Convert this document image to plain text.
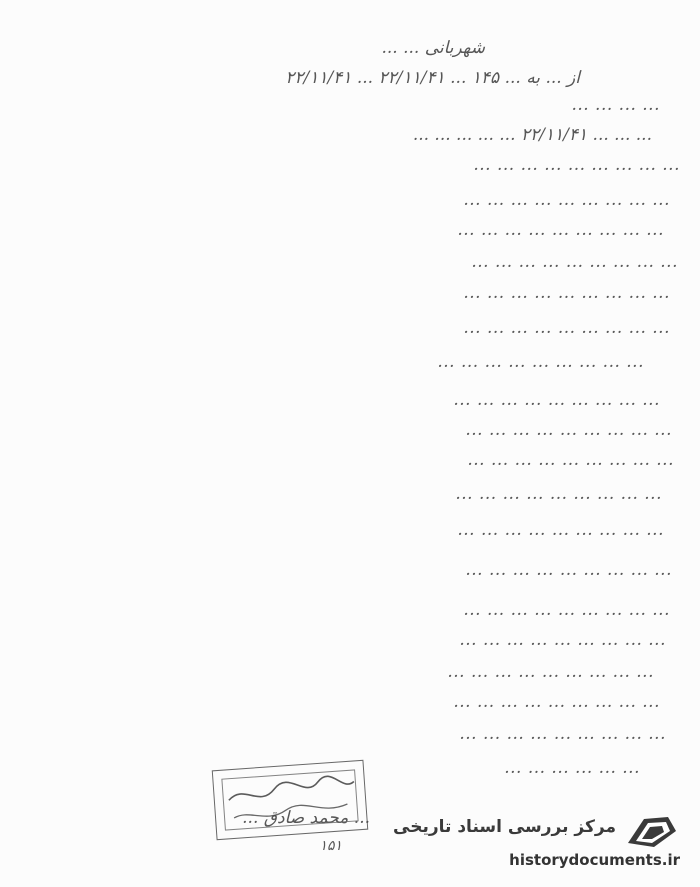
شهربانی ... ...
از ... به ... ۱۴۵ ... ۲۲/۱۱/۴۱ ... ۲۲/۱۱/۴۱
... ... ... ...
... ... ... ۲۲/۱۱/۴۱ ... ... ... ... ...
... ... ... ... ... ... ... ... ...
... ... ... ... ... ... ... ... ...
... ... ... ... ... ... ... ... ...
... ... ... ... ... ... ... ... ...
... ... ... ... ... ... ... ... ...
... ... ... ... ... ... ... ... ...
... ... ... ... ... ... ... ... ...
... ... ... ... ... ... ... ... ...
... ... ... ... ... ... ... ... ...
... ... ... ... ... ... ... ... ...
... ... ... ... ... ... ... ... ...
... ... ... ... ... ... ... ... ...
... ... ... ... ... ... ... ... ...
... ... ... ... ... ... ... ... ...
... ... ... ... ... ... ... ... ...
... ... ... ... ... ... ... ... ...
... ... ... ... ... ... ... ... ...
... ... ... ... ... ... ... ... ...
... ... ... ... ... ...
... محمد صادق ...
۱۵۱
مرکز بررسی اسناد تاریخی
historydocuments.ir
